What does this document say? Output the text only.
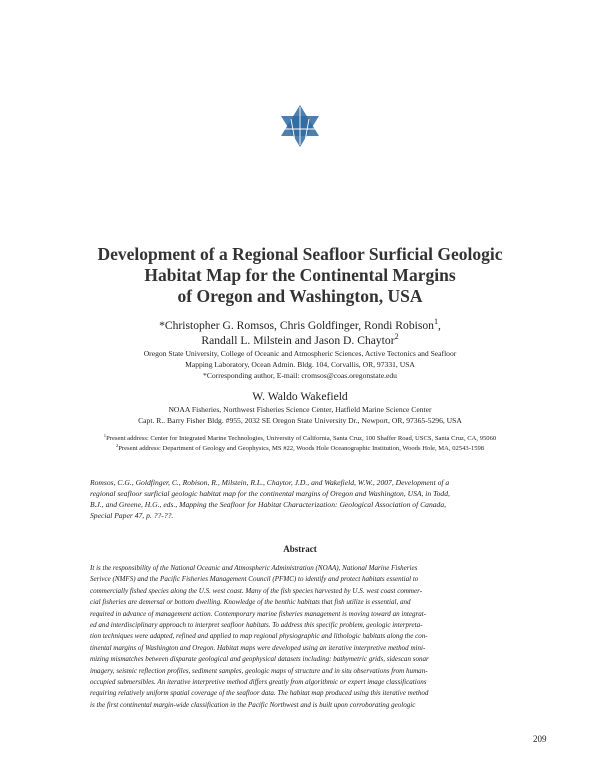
Development of a Regional Seafloor Surficial Geologic
Habitat Map for the Continental Margins
of Oregon and Washington, USA
*Christopher G. Romsos, Chris Goldfinger, Rondi Robison$^1$,
Randall L. Milstein and Jason D. Chaytor$^2$
Oregon State University, College of Oceanic and Atmospheric Sciences, Active Tectonics and Seafloor
Mapping Laboratory, Ocean Admin. Bldg. 104, Corvallis, OR, 97331, USA
*Corresponding author, E-mail: cromsos@coas.oregonstate.edu
W. Waldo Wakefield
NOAA Fisheries, Northwest Fisheries Science Center, Hatfield Marine Science Center
Capt. R.. Barry Fisher Bldg. #955, 2032 SE Oregon State University Dr., Newport, OR, 97365-5296, USA
$^1$Present address: Center for Integrated Marine Technologies, University of California, Santa Cruz, 100 Shaffer Road, USCS, Santa Cruz, CA, 95060
$^2$Present address: Department of Geology and Geophysics, MS #22, Woods Hole Oceanographic Institution, Woods Hole, MA, 02543-1598
Romsos, C.G., Goldfinger, C., Robison, R., Milstein, R.L., Chaytor, J.D., and Wakefield, W.W., 2007, Development of a
regional seafloor surficial geologic habitat map for the continental margins of Oregon and Washington, USA, in Todd,
B.J., and Greene, H.G., eds., Mapping the Seafloor for Habitat Characterization: Geological Association of Canada,
Special Paper 47, p. ??-??.
Abstract
It is the responsibility of the National Oceanic and Atmospheric Administration (NOAA), National Marine Fisheries
Serivce (NMFS) and the Pacific Fisheries Management Council (PFMC) to identify and protect habitats essential to
commercially fished species along the U.S. west coast. Many of the fish species harvested by U.S. west coast commer-
cial fisheries are demersal or bottom dwelling. Knowledge of the benthic habitats that fish utilize is essential, and
required in advance of management action. Contemporary marine fisheries management is moving toward an integrat-
ed and interdisciplinary approach to interpret seafloor habitats. To address this specific problem, geologic interpreta-
tion techniques were adapted, refined and applied to map regional physiographic and lithologic habitats along the con-
tinental margins of Washington and Oregon. Habitat maps were developed using an iterative interpretive method mini-
mizing mismatches between disparate geological and geophysical datasets including: bathymetric grids, sidescan sonar
imagery, seismic reflection profiles, sediment samples, geologic maps of structure and in situ observations from human-
occupied submersibles. An iterative interpretive method differs greatly from algorithmic or expert image classifications
requiring relatively uniform spatial coverage of the seafloor data. The habitat map produced using this iterative method
is the first continental margin-wide classification in the Pacific Northwest and is built upon corroborating geologic
209
